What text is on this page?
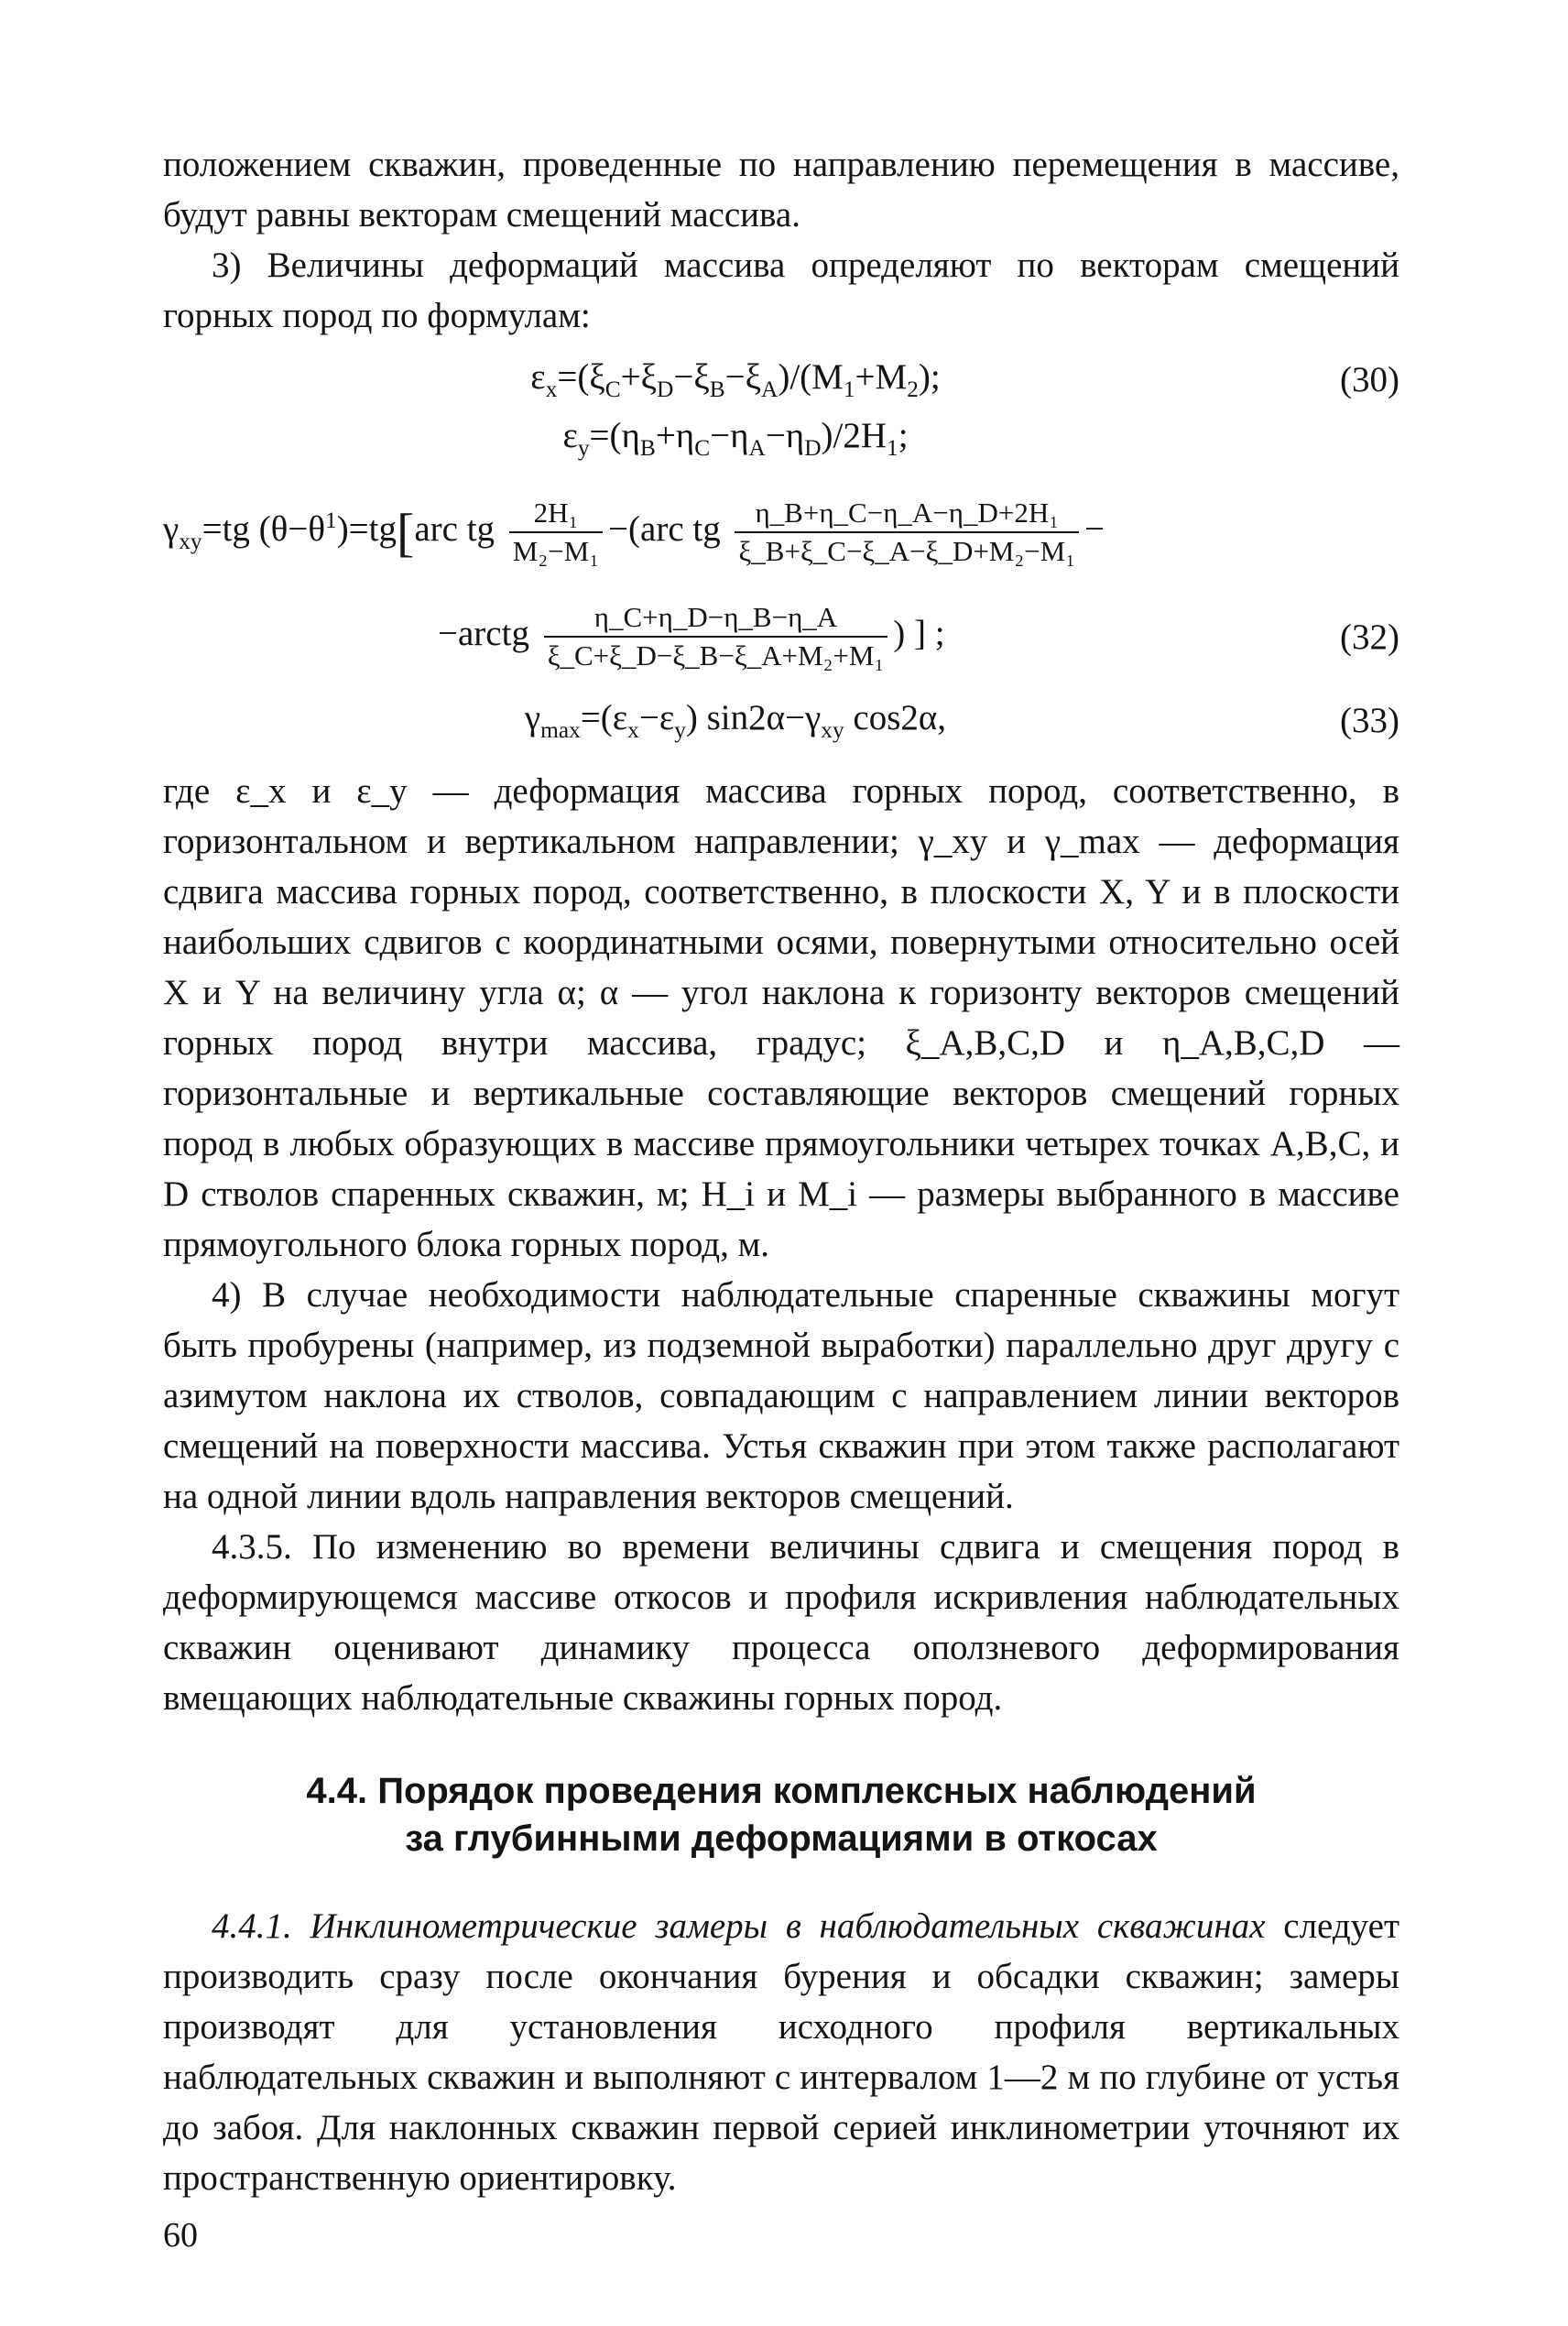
положением скважин, проведенные по направлению перемещения в массиве, будут равны векторам смещений массива.

3) Величины деформаций массива определяют по векторам смещений горных пород по формулам:

$\varepsilon_x=(\xi_C+\xi_D-\xi_B-\xi_A)/(M_1+M_2)$;	(30)
$\varepsilon_y=(\eta_B+\eta_C-\eta_A-\eta_D)/2H_1$;
$\gamma_{xy}=tg$ $(\theta-\theta^1)=tg[arc$ tg $\frac{\text{2H₁}}{\text{M₂−M₁}} -(arc$ tg $\frac{\text{η\_B+η\_C−η\_A−η\_D+2H₁}}{\text{ξ\_B+ξ\_C−ξ\_A−ξ\_D+M₂−M₁}}$ −
−arctg $\frac{\eta\_C+\eta\_D-\eta\_B-\eta\_A}{\text{ξ\_C+ξ\_D−ξ\_B−ξ\_A+M₂+M₁}}$ ) ] ;	(32)
$\gamma_{max}=(\varepsilon_x-\varepsilon_y)$ $\sin 2\alpha-\gamma_{xy}$ cos2α,	(33)

где ε_x и ε_y — деформация массива горных пород, соответственно, в горизонтальном и вертикальном направлении; γ_xy и γ_max — деформация сдвига массива горных пород, соответственно, в плоскости X, Y и в плоскости наибольших сдвигов с координатными осями, повернутыми относительно осей X и Y на величину угла α; α — угол наклона к горизонту векторов смещений горных пород внутри массива, градус; ξ_A,B,C,D и η_A,B,C,D — горизонтальные и вертикальные составляющие векторов смещений горных пород в любых образующих в массиве прямоугольники четырех точках A,B,C, и D стволов спаренных скважин, м; H_i и M_i — размеры выбранного в массиве прямоугольного блока горных пород, м.

4) В случае необходимости наблюдательные спаренные скважины могут быть пробурены (например, из подземной выработки) параллельно друг другу с азимутом наклона их стволов, совпадающим с направлением линии векторов смещений на поверхности массива. Устья скважин при этом также располагают на одной линии вдоль направления векторов смещений.

4.3.5. По изменению во времени величины сдвига и смещения пород в деформирующемся массиве откосов и профиля искривления наблюдательных скважин оценивают динамику процесса оползневого деформирования вмещающих наблюдательные скважины горных пород.

4.4. Порядок проведения комплексных наблюдений
за глубинными деформациями в откосах

4.4.1. Инклинометрические замеры в наблюдательных скважинах следует производить сразу после окончания бурения и обсадки скважин; замеры производят для установления исходного профиля вертикальных наблюдательных скважин и выполняют с интервалом 1—2 м по глубине от устья до забоя. Для наклонных скважин первой серией инклинометрии уточняют их пространственную ориентировку.

60
